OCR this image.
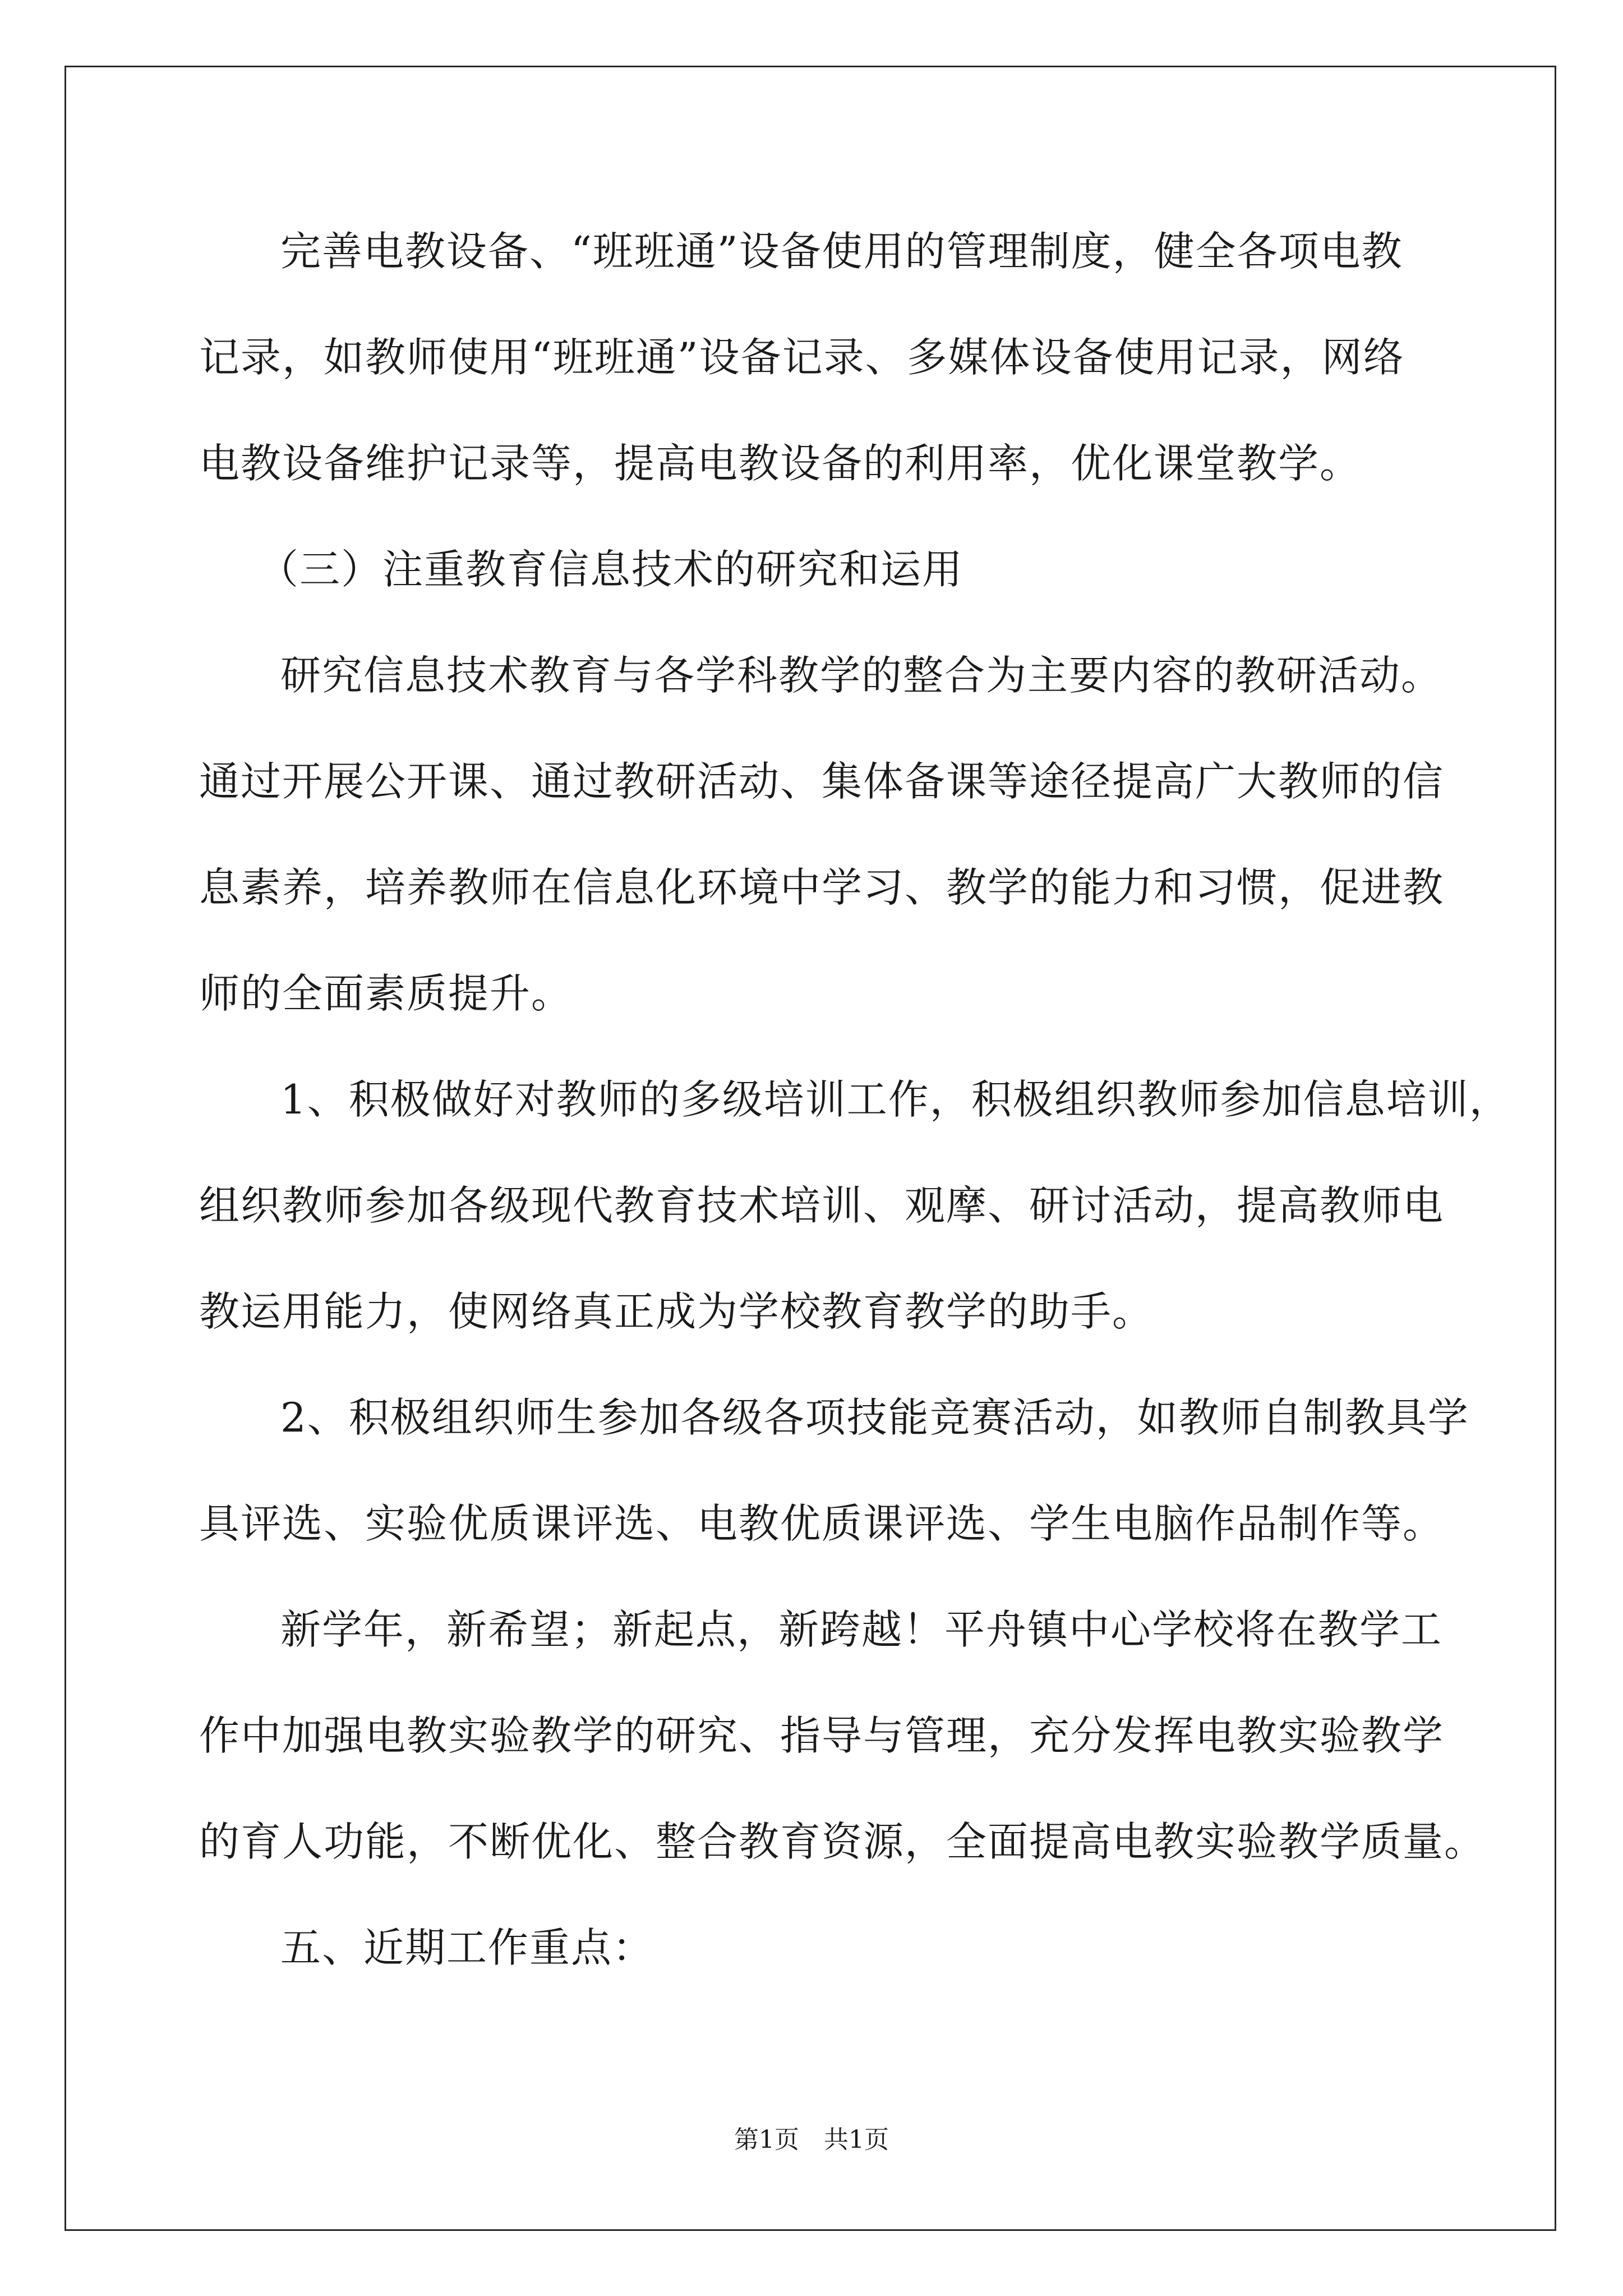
完善电教设备、“班班通”设备使用的管理制度，健全各项电教
记录，如教师使用“班班通”设备记录、多媒体设备使用记录，网络
电教设备维护记录等，提高电教设备的利用率，优化课堂教学。
（三）注重教育信息技术的研究和运用
研究信息技术教育与各学科教学的整合为主要内容的教研活动。
通过开展公开课、通过教研活动、集体备课等途径提高广大教师的信
息素养，培养教师在信息化环境中学习、教学的能力和习惯，促进教
师的全面素质提升。
1、积极做好对教师的多级培训工作，积极组织教师参加信息培训，
组织教师参加各级现代教育技术培训、观摩、研讨活动，提高教师电
教运用能力，使网络真正成为学校教育教学的助手。
2、积极组织师生参加各级各项技能竞赛活动，如教师自制教具学
具评选、实验优质课评选、电教优质课评选、学生电脑作品制作等。
新学年，新希望；新起点，新跨越！平舟镇中心学校将在教学工
作中加强电教实验教学的研究、指导与管理，充分发挥电教实验教学
的育人功能，不断优化、整合教育资源，全面提高电教实验教学质量。
五、近期工作重点：
第1页　共1页
